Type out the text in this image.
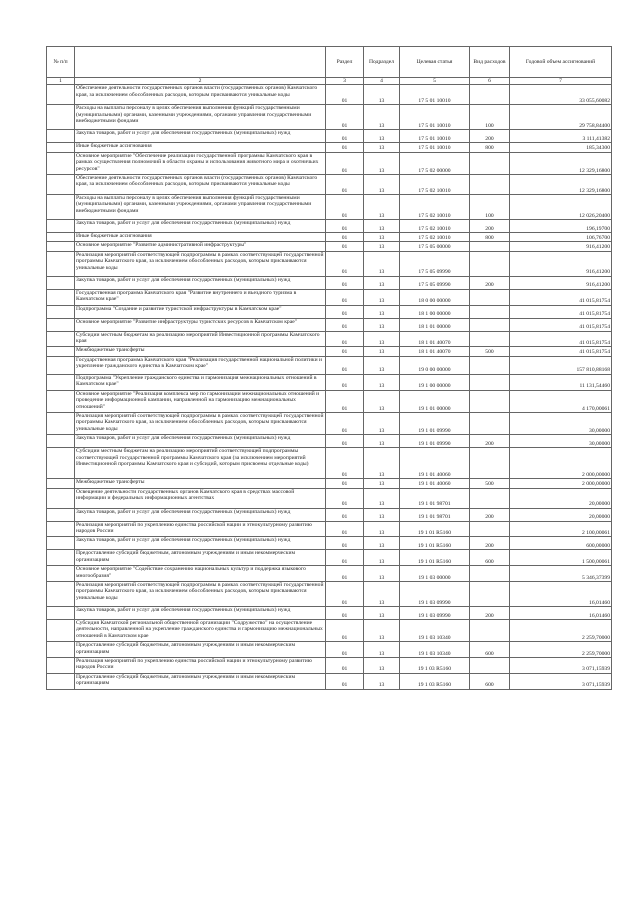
№ п/п		Раздел	Подраздел	Целевая статья	Вид расходов	Годовой объем ассигнований
1	2	3	4	5	6	7
	Обеспечение деятельности государственных органов власти (государственных органов) Камчатского края, за исключением обособленных расходов, которым присваиваются уникальные коды	01	13	17 5 01 10010		33 055,60082
	Расходы на выплаты персоналу в целях обеспечения выполнения функций государственными (муниципальными) органами, казенными учреждениями, органами управления государственными внебюджетными фондами	01	13	17 5 01 10010	100	29 758,84400
	Закупка товаров, работ и услуг для обеспечения государственных (муниципальных) нужд	01	13	17 5 01 10010	200	3 111,41382
	Иные бюджетные ассигнования	01	13	17 5 01 10010	800	185,34300
	Основное мероприятие "Обеспечение реализации государственной программы Камчатского края в рамках осуществления полномочий в области охраны и использования животного мира и охотничьих ресурсов"	01	13	17 5 02 00000		12 329,16800
	Обеспечение деятельности государственных органов власти (государственных органов) Камчатского края, за исключением обособленных расходов, которым присваиваются уникальные коды	01	13	17 5 02 10010		12 329,16800
	Расходы на выплаты персоналу в целях обеспечения выполнения функций государственными (муниципальными) органами, казенными учреждениями, органами управления государственными внебюджетными фондами	01	13	17 5 02 10010	100	12 026,20400
	Закупка товаров, работ и услуг для обеспечения государственных (муниципальных) нужд	01	13	17 5 02 10010	200	196,19700
	Иные бюджетные ассигнования	01	13	17 5 02 10010	800	106,76700
	Основное мероприятие "Развитие административной инфраструктуры"	01	13	17 5 05 00000		916,41200
	Реализация мероприятий соответствующей подпрограммы в рамках соответствующей государственной программы Камчатского края, за исключением обособленных расходов, которым присваиваются уникальные коды	01	13	17 5 05 09990		916,41200
	Закупка товаров, работ и услуг для обеспечения государственных (муниципальных) нужд	01	13	17 5 05 09990	200	916,41200
	Государственная программа Камчатского края "Развитие внутреннего и въездного туризма в Камчатском крае"	01	13	18 0 00 00000		41 015,81754
	Подпрограмма "Создание и развитие туристской инфраструктуры в Камчатском крае"	01	13	18 1 00 00000		41 015,81754
	Основное мероприятие "Развитие инфраструктуры туристских ресурсов в Камчатском крае"	01	13	18 1 01 00000		41 015,81754
	Субсидии местным бюджетам на реализацию мероприятий Инвестиционной программы Камчатского края	01	13	18 1 01 40070		41 015,81754
	Межбюджетные трансферты	01	13	18 1 01 40070	500	41 015,81754
	Государственная программа Камчатского края "Реализация государственной национальной политики и укрепление гражданского единства в Камчатском крае"	01	13	19 0 00 00000		157 810,88168
	Подпрограмма "Укрепление гражданского единства и гармонизация межнациональных отношений в Камчатском крае"	01	13	19 1 00 00000		11 131,54460
	Основное мероприятие "Реализация комплекса мер по гармонизации межнациональных отношений и проведение информационной кампании, направленной на гармонизацию межнациональных отношений"	01	13	19 1 01 00000		4 170,00061
	Реализация мероприятий соответствующей подпрограммы в рамках соответствующей государственной программы Камчатского края, за исключением обособленных расходов, которым присваиваются уникальные коды	01	13	19 1 01 09990		30,00000
	Закупка товаров, работ и услуг для обеспечения государственных (муниципальных) нужд	01	13	19 1 01 09990	200	30,00000
	Субсидии местным бюджетам на реализацию мероприятий соответствующей подпрограммы соответствующей государственной программы Камчатского края (за исключением мероприятий Инвестиционной программы Камчатского края и субсидий, которым присвоены отдельные коды)	01	13	19 1 01 40060		2 000,00000
	Межбюджетные трансферты	01	13	19 1 01 40060	500	2 000,00000
	Освещение деятельности государственных органов Камчатского края в средствах массовой информации и федеральных информационных агентствах	01	13	19 1 01 98701		20,00000
	Закупка товаров, работ и услуг для обеспечения государственных (муниципальных) нужд	01	13	19 1 01 98701	200	20,00000
	Реализация мероприятий по укреплению единства российской нации и этнокультурному развитию народов России	01	13	19 1 01 R5160		2 100,00061
	Закупка товаров, работ и услуг для обеспечения государственных (муниципальных) нужд	01	13	19 1 01 R5160	200	600,00000
	Предоставление субсидий бюджетным, автономным учреждениям и иным некоммерческим организациям	01	13	19 1 01 R5160	600	1 500,00061
	Основное мероприятие "Содействие сохранению национальных культур и поддержка языкового многообразия"	01	13	19 1 03 00000		5 346,37399
	Реализация мероприятий соответствующей подпрограммы в рамках соответствующей государственной программы Камчатского края, за исключением обособленных расходов, которым присваиваются уникальные коды	01	13	19 1 03 09990		16,01460
	Закупка товаров, работ и услуг для обеспечения государственных (муниципальных) нужд	01	13	19 1 03 09990	200	16,01460
	Субсидия Камчатской региональной общественной организации "Содружество" на осуществление деятельности, направленной на укрепление гражданского единства и гармонизацию межнациональных отношений в Камчатском крае	01	13	19 1 03 10340		2 259,70000
	Предоставление субсидий бюджетным, автономным учреждениям и иным некоммерческим организациям	01	13	19 1 03 10340	600	2 259,70000
	Реализация мероприятий по укреплению единства российской нации и этнокультурному развитию народов России	01	13	19 1 03 R5160		3 071,15939
	Предоставление субсидий бюджетным, автономным учреждениям и иным некоммерческим организациям	01	13	19 1 03 R5160	600	3 071,15939
